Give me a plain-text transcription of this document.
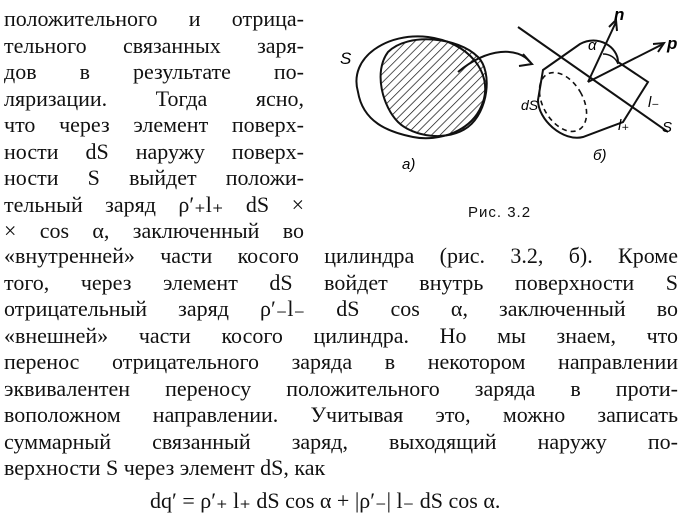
положительного и отрица-
тельного связанных заря-
дов в результате по-
ляризации. Тогда ясно,
что через элемент поверх-
ности dS наружу поверх-
ности S выйдет положи-
тельный заряд ρ′₊l₊ dS ×
× cos α, заключенный во
S
а)
n
p
α
dS	l₋
l₊ S
б)
Рис. 3.2
«внутренней» части косого цилиндра (рис. 3.2, б). Кроме
того, через элемент dS войдет внутрь поверхности S
отрицательный заряд ρ′₋l₋ dS cos α, заключенный во
«внешней» части косого цилиндра. Но мы знаем, что
перенос отрицательного заряда в некотором направлении
эквивалентен переносу положительного заряда в проти-
воположном направлении. Учитывая это, можно записать
суммарный связанный заряд, выходящий наружу по-
верхности S через элемент dS, как
dq′ = ρ′₊ l₊ dS cos α + |ρ′₋| l₋ dS cos α.
